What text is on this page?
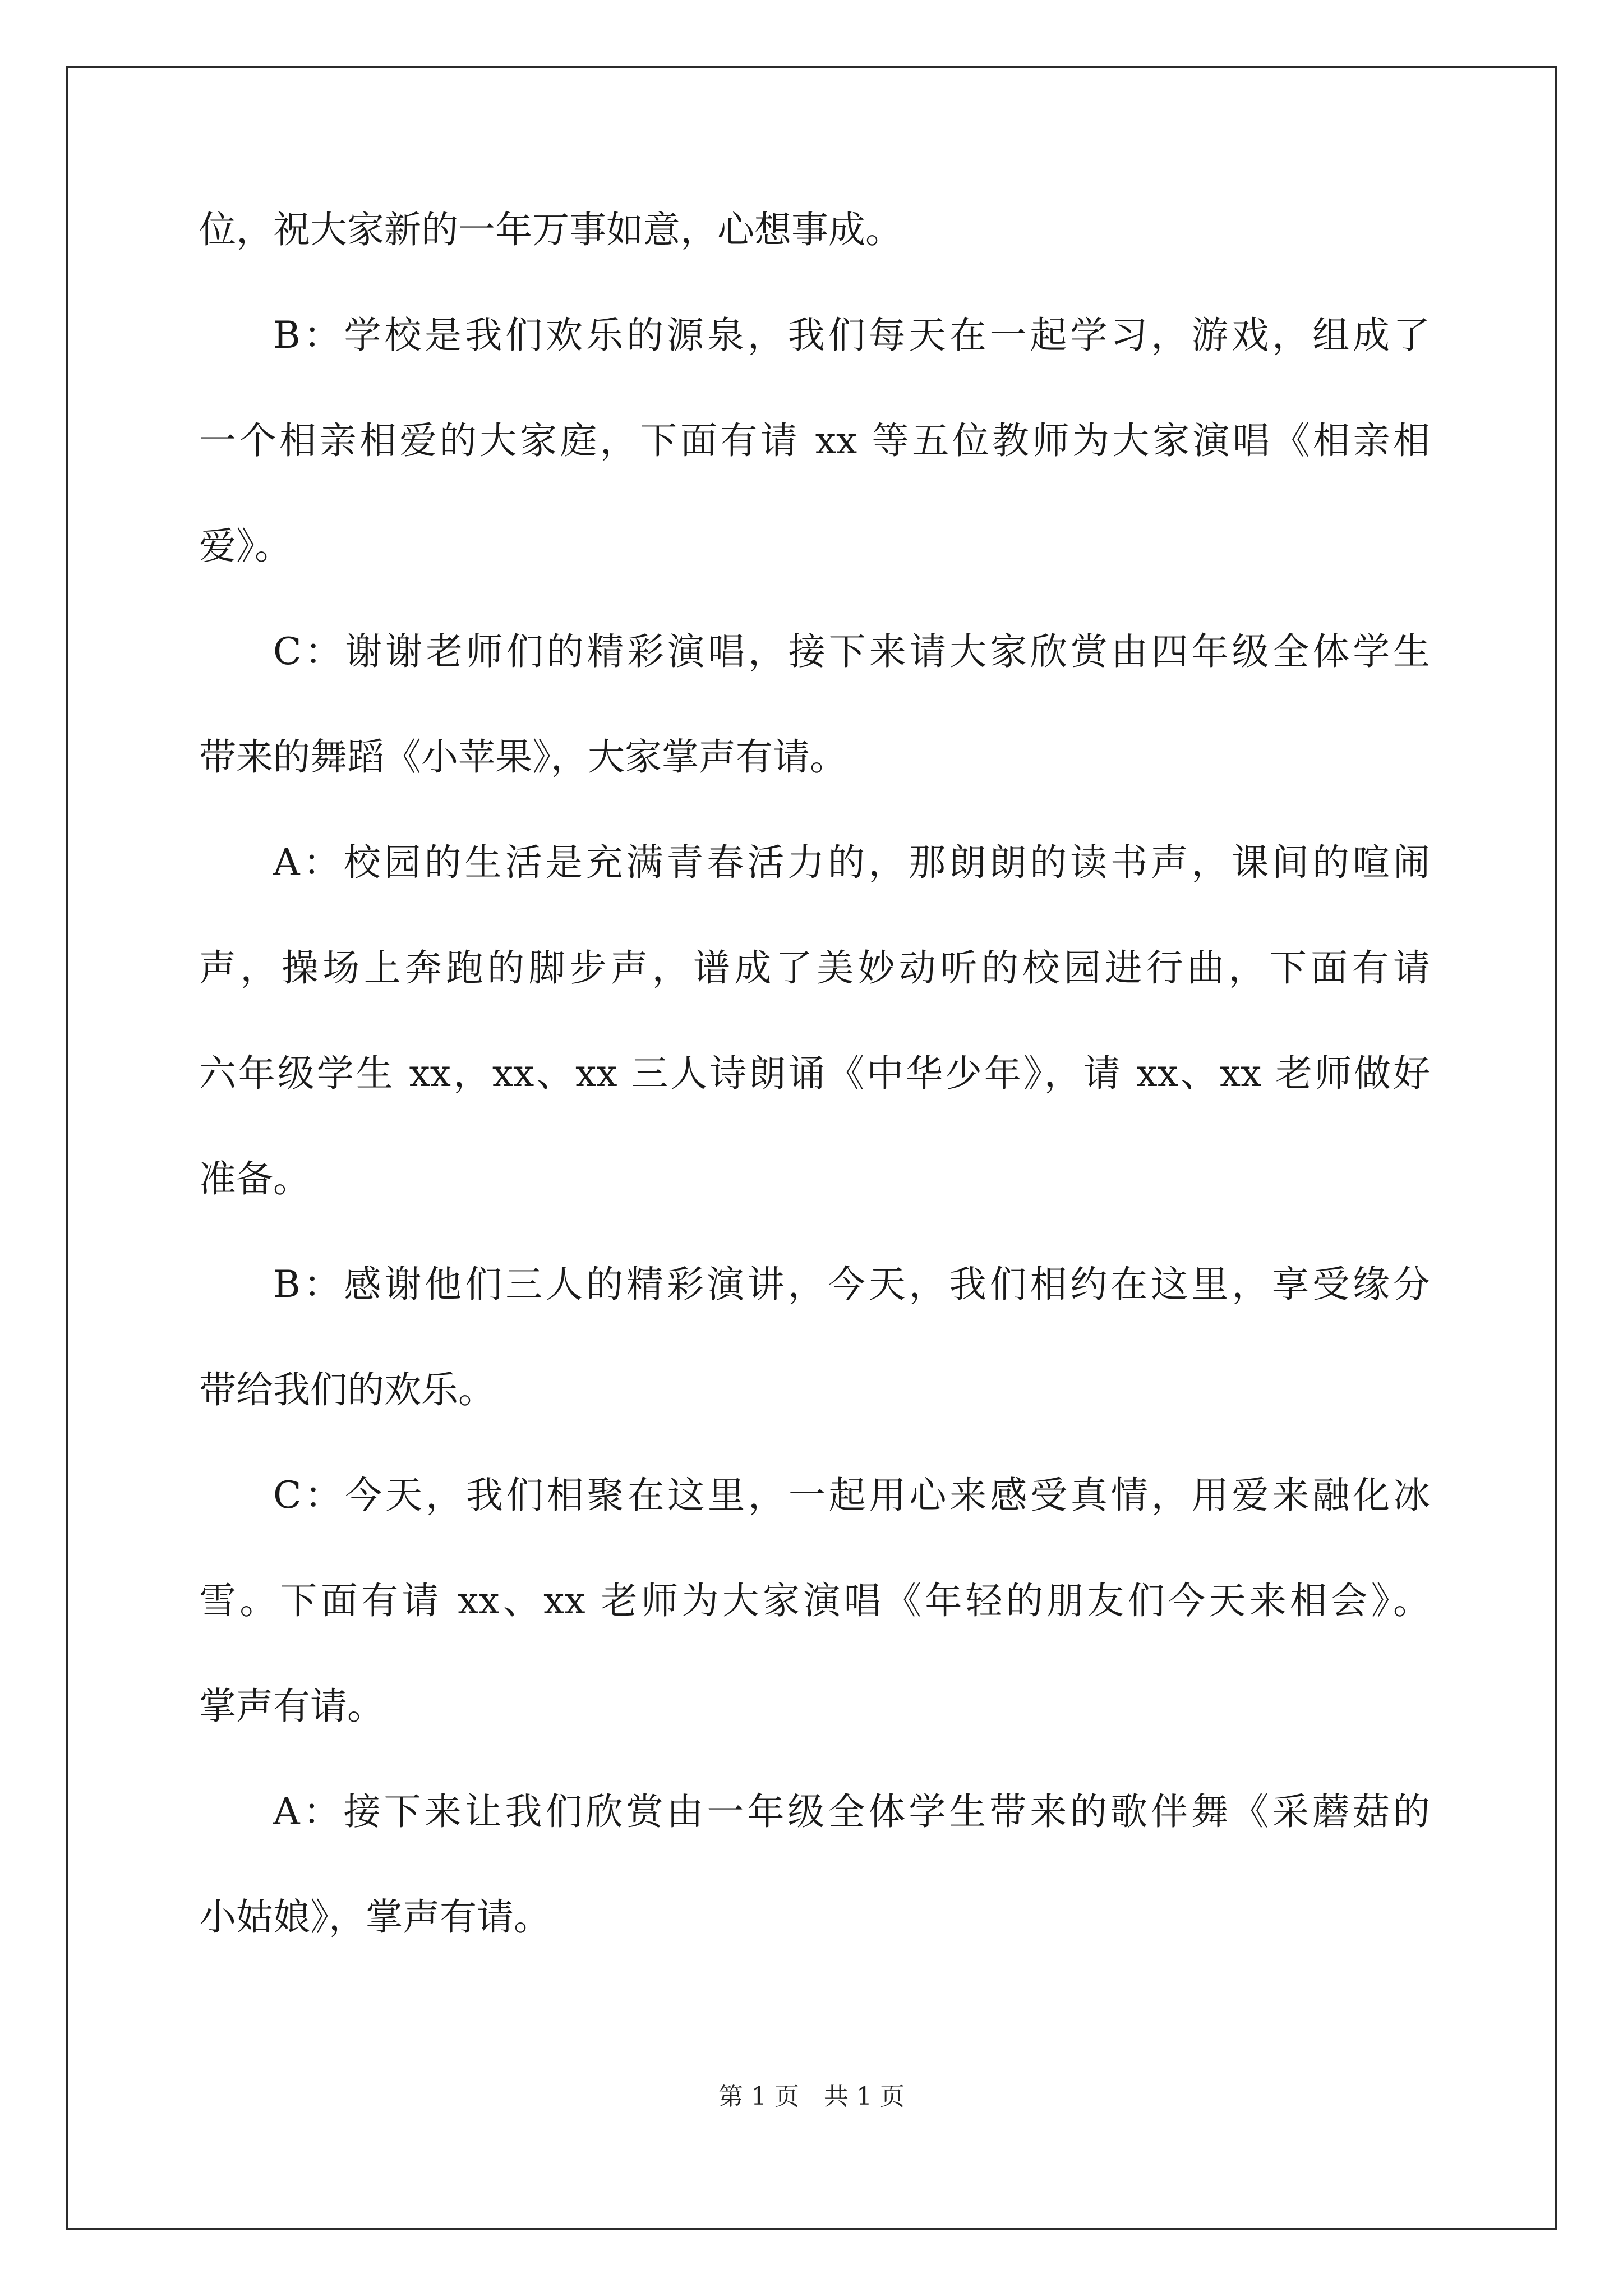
位，祝大家新的一年万事如意，心想事成。
B：学校是我们欢乐的源泉，我们每天在一起学习，游戏，组成了
一个相亲相爱的大家庭，下面有请 xx 等五位教师为大家演唱《相亲相
爱》。
C：谢谢老师们的精彩演唱，接下来请大家欣赏由四年级全体学生
带来的舞蹈《小苹果》，大家掌声有请。
A：校园的生活是充满青春活力的，那朗朗的读书声，课间的喧闹
声，操场上奔跑的脚步声，谱成了美妙动听的校园进行曲，下面有请
六年级学生 xx，xx、xx 三人诗朗诵《中华少年》，请 xx、xx 老师做好
准备。
B：感谢他们三人的精彩演讲，今天，我们相约在这里，享受缘分
带给我们的欢乐。
C：今天，我们相聚在这里，一起用心来感受真情，用爱来融化冰
雪。下面有请 xx、xx 老师为大家演唱《年轻的朋友们今天来相会》。
掌声有请。
A：接下来让我们欣赏由一年级全体学生带来的歌伴舞《采蘑菇的
小姑娘》，掌声有请。
第 1 页　共 1 页
